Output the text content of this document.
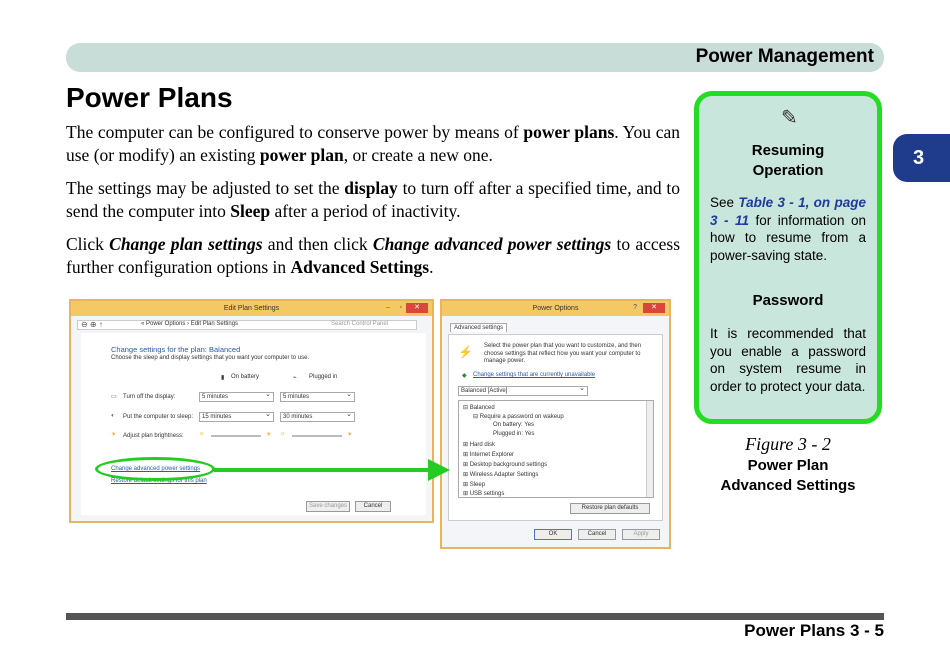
Power Management
3
Power Plans

The computer can be configured to conserve power by means of power plans. You can use (or modify) an existing power plan, or create a new one.

The settings may be adjusted to set the display to turn off after a specified time, and to send the computer into Sleep after a period of inactivity.

Click Change plan settings and then click Change advanced power settings to access further configuration options in Advanced Settings.

Edit Plan Settings	– ▫	✕
⊖ ⊕ ↑	« Power Options › Edit Plan Settings	Search Control Panel
Change settings for the plan: Balanced
Choose the sleep and display settings that you want your computer to use.
▮ On battery	⌁ Plugged in
▭ Turn off the display:	5 minutes ⌄	5 minutes ⌄
◐ Put the computer to sleep:	15 minutes ⌄	30 minutes ⌄
☀ Adjust plan brightness:	☼	☀ ☼	☀
Change advanced power settings
Restore default settings for this plan
Save changes	Cancel
Power Options	?	✕
Advanced settings
⚡ Select the power plan that you want to customize, and then choose settings that reflect how you want your computer to manage power.
◆ Change settings that are currently unavailable
Balanced [Active] ⌄
⊟ Balanced
⊟ Require a password on wakeup
On battery: Yes
Plugged in: Yes
⊞ Hard disk
⊞ Internet Explorer
⊞ Desktop background settings
⊞ Wireless Adapter Settings
⊞ Sleep
⊞ USB settings
Restore plan defaults
OK	Cancel	Apply
✎
Resuming
Operation
See Table 3 - 1, on page 3 - 11 for information on how to resume from a power-saving state.
Password
It is recommended that you enable a password on system resume in order to protect your data.
Figure 3 - 2
Power Plan
Advanced Settings
Power Plans 3 - 5
